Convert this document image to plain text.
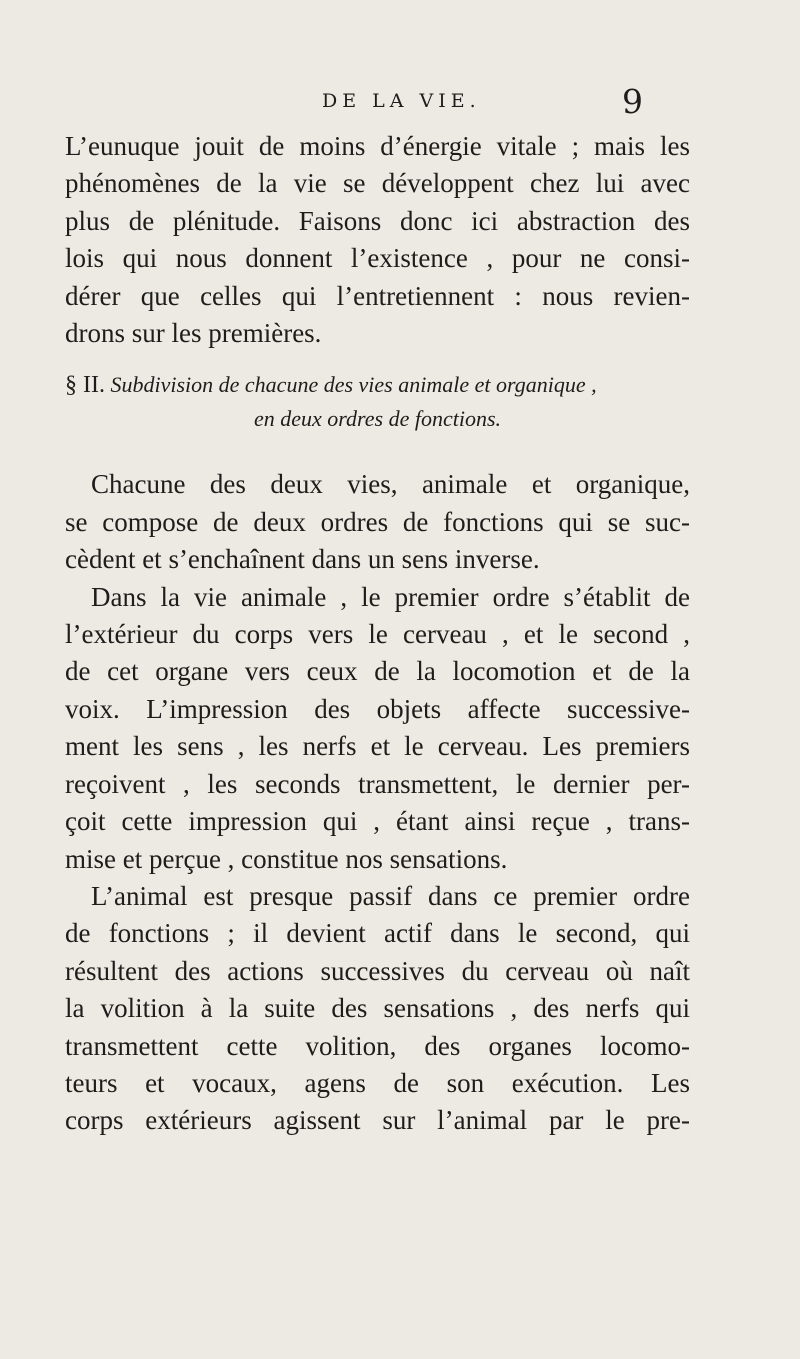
DE LA VIE.	9
L’eunuque jouit de moins d’énergie vitale ; mais les
phénomènes de la vie se développent chez lui avec
plus de plénitude. Faisons donc ici abstraction des
lois qui nous donnent l’existence , pour ne consi-
dérer que celles qui l’entretiennent : nous revien-
drons sur les premières.
§ II. Subdivision de chacune des vies animale et organique ,
en deux ordres de fonctions.
Chacune des deux vies, animale et organique,
se compose de deux ordres de fonctions qui se suc-
cèdent et s’enchaînent dans un sens inverse.
Dans la vie animale , le premier ordre s’établit de
l’extérieur du corps vers le cerveau , et le second ,
de cet organe vers ceux de la locomotion et de la
voix. L’impression des objets affecte successive-
ment les sens , les nerfs et le cerveau. Les premiers
reçoivent , les seconds transmettent, le dernier per-
çoit cette impression qui , étant ainsi reçue , trans-
mise et perçue , constitue nos sensations.
L’animal est presque passif dans ce premier ordre
de fonctions ; il devient actif dans le second, qui
résultent des actions successives du cerveau où naît
la volition à la suite des sensations , des nerfs qui
transmettent cette volition, des organes locomo-
teurs et vocaux, agens de son exécution. Les
corps extérieurs agissent sur l’animal par le pre-
